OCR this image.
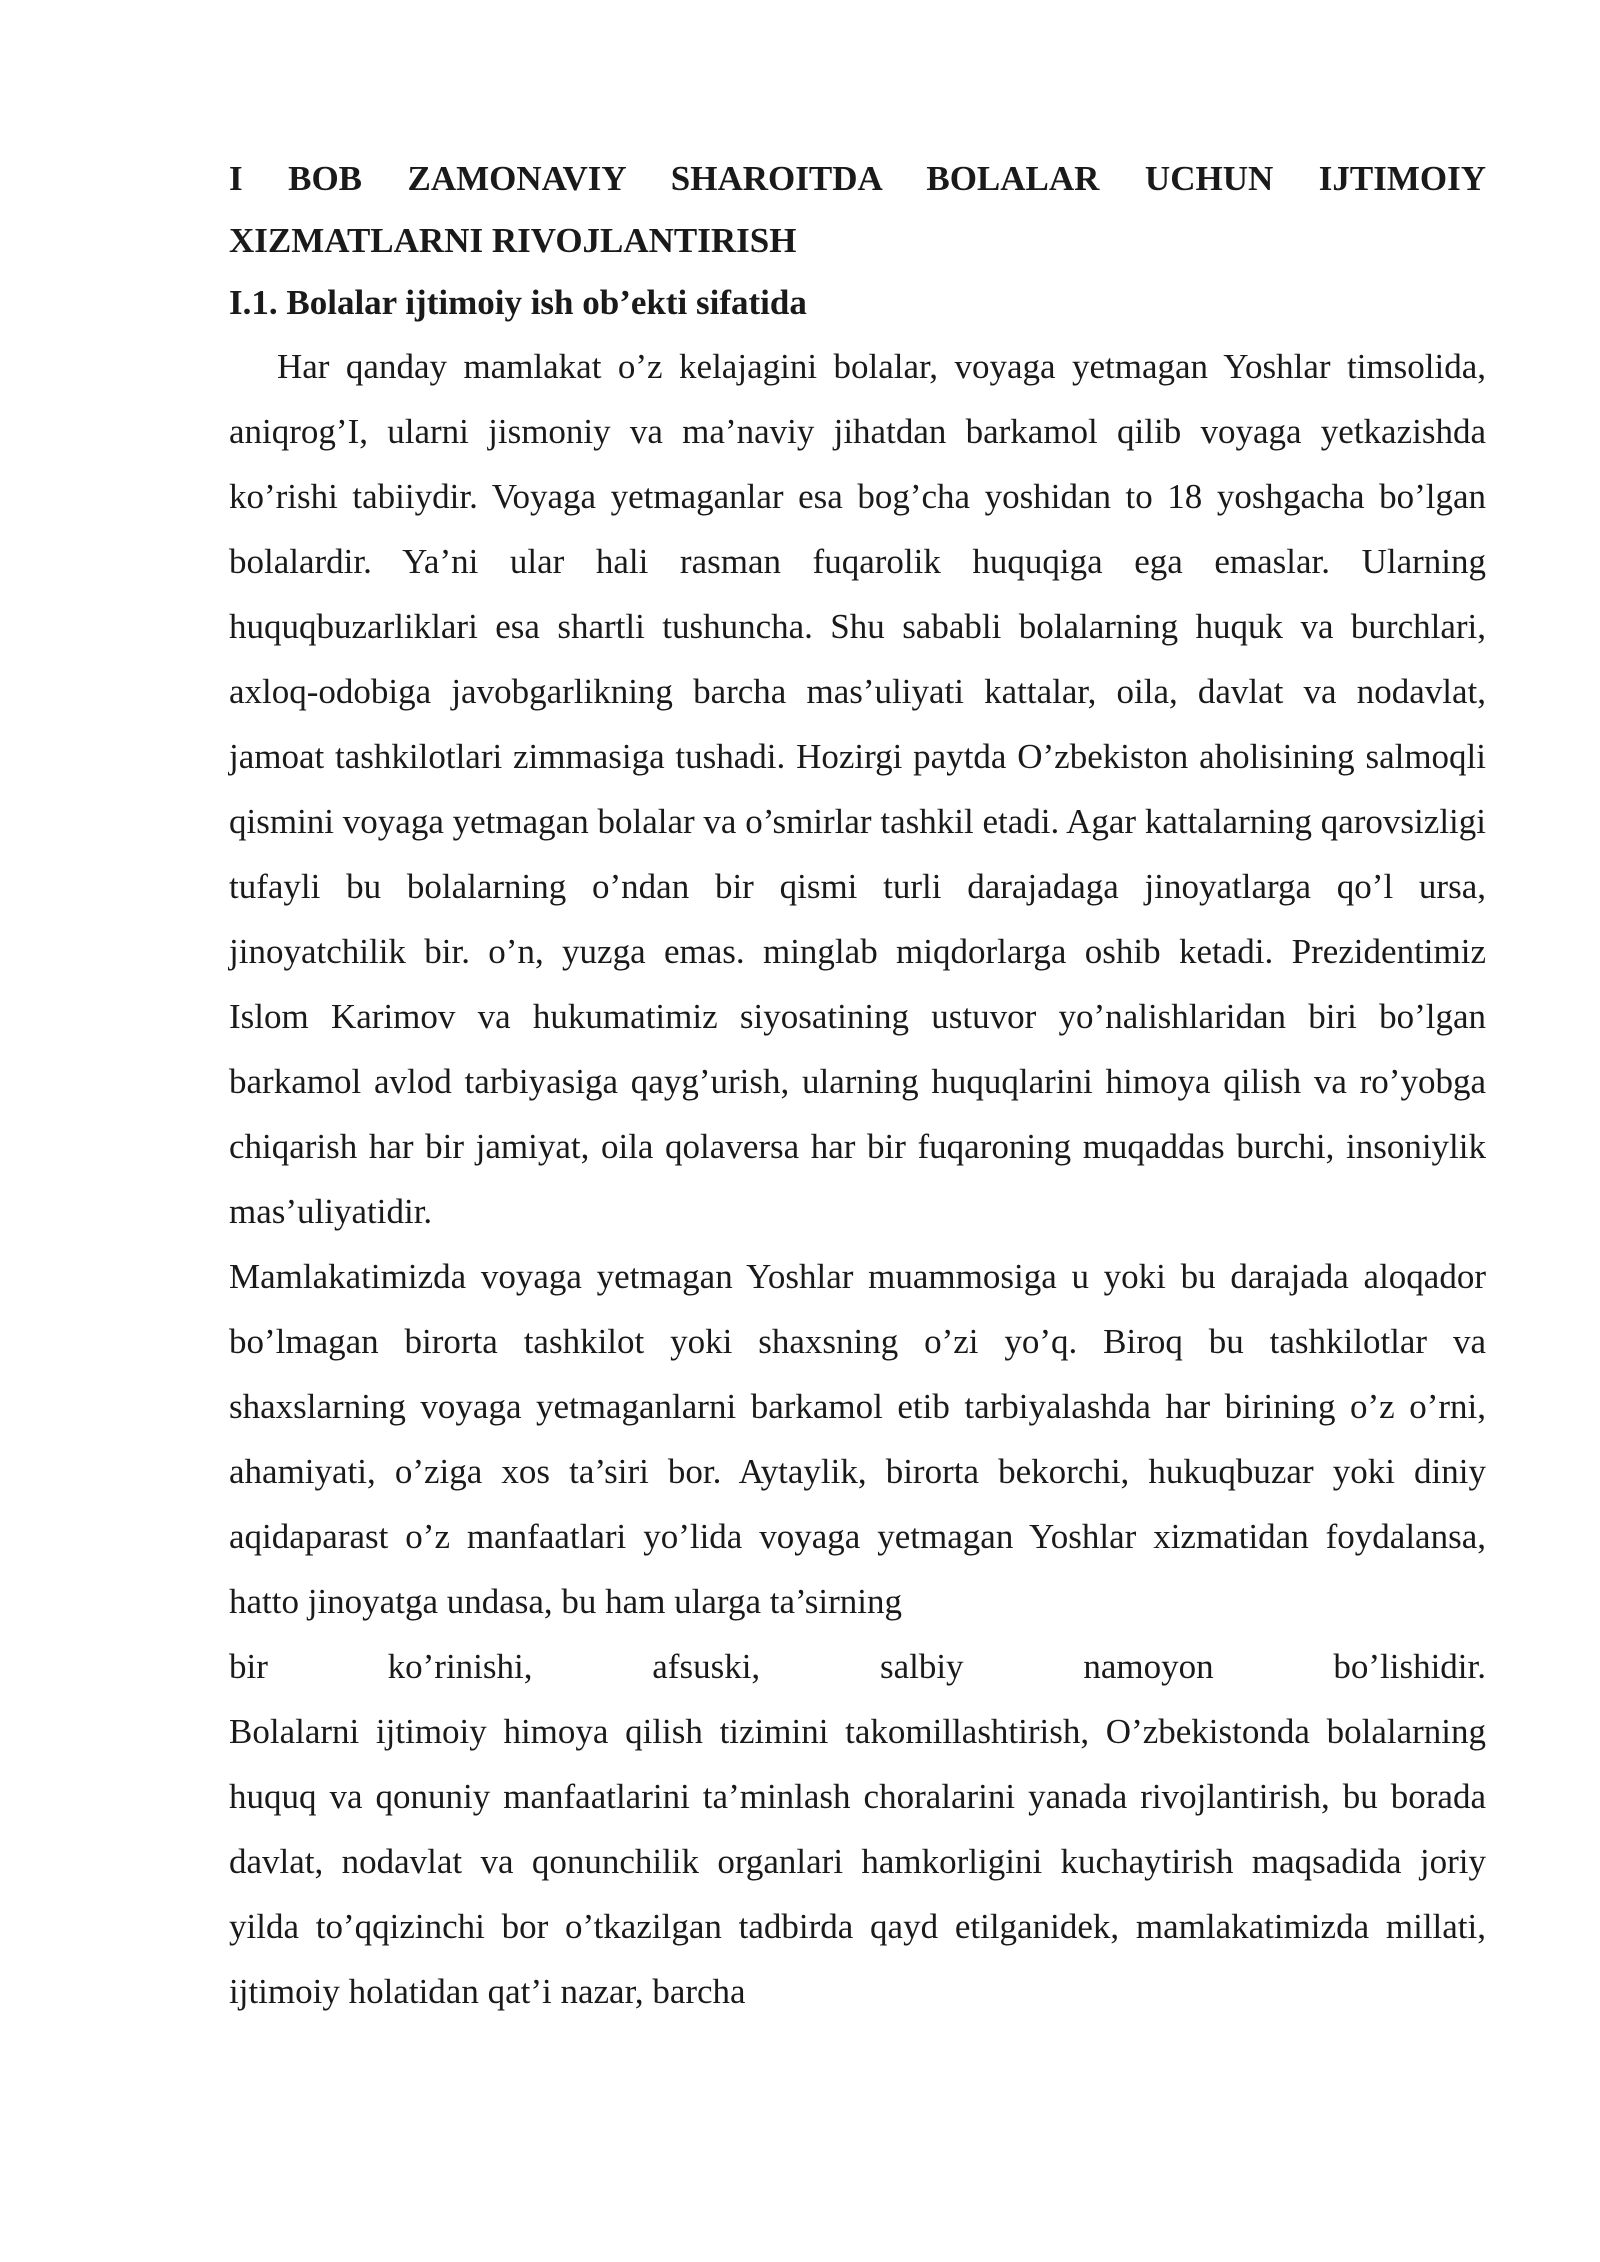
I BOB ZAMONAVIY SHAROITDA BOLALAR UCHUN IJTIMOIY
XIZMATLARNI RIVOJLANTIRISH
I.1. Bolalar ijtimoiy ish ob’ekti sifatida

Har qanday mamlakat o’z kelajagini bolalar, voyaga yetmagan Yoshlar timsolida, aniqrog’I, ularni jismoniy va ma’naviy jihatdan barkamol qilib voyaga yetkazishda ko’rishi tabiiydir. Voyaga yetmaganlar esa bog’cha yoshidan to 18 yoshgacha bo’lgan bolalardir. Ya’ni ular hali rasman fuqarolik huquqiga ega emaslar. Ularning huquqbuzarliklari esa shartli tushuncha. Shu sababli bolalarning huquk va burchlari, axloq-odobiga javobgarlikning barcha mas’uliyati kattalar, oila, davlat va nodavlat, jamoat tashkilotlari zimmasiga tushadi. Hozirgi paytda O’zbekiston aholisining salmoqli qismini voyaga yetmagan bolalar va o’smirlar tashkil etadi. Agar kattalarning qarovsizligi tufayli bu bolalarning o’ndan bir qismi turli darajadaga jinoyatlarga qo’l ursa, jinoyatchilik bir. o’n, yuzga emas. minglab miqdorlarga oshib ketadi. Prezidentimiz Islom Karimov va hukumatimiz siyosatining ustuvor yo’nalishlaridan biri bo’lgan barkamol avlod tarbiyasiga qayg’urish, ularning huquqlarini himoya qilish va ro’yobga chiqarish har bir jamiyat, oila qolaversa har bir fuqaroning muqaddas burchi, insoniylik mas’uliyatidir.

Mamlakatimizda voyaga yetmagan Yoshlar muammosiga u yoki bu darajada aloqador bo’lmagan birorta tashkilot yoki shaxsning o’zi yo’q. Biroq bu tashkilotlar va shaxslarning voyaga yetmaganlarni barkamol etib tarbiyalashda har birining o’z o’rni, ahamiyati, o’ziga xos ta’siri bor. Aytaylik, birorta bekorchi, hukuqbuzar yoki diniy aqidaparast o’z manfaatlari yo’lida voyaga yetmagan Yoshlar xizmatidan foydalansa, hatto jinoyatga undasa, bu ham ularga ta’sirning

bir ko’rinishi, afsuski, salbiy namoyon bo’lishidir.

Bolalarni ijtimoiy himoya qilish tizimini takomillashtirish, O’zbekistonda bolalarning huquq va qonuniy manfaatlarini ta’minlash choralarini yanada rivojlantirish, bu borada davlat, nodavlat va qonunchilik organlari hamkorligini kuchaytirish maqsadida joriy yilda to’qqizinchi bor o’tkazilgan tadbirda qayd etilganidek, mamlakatimizda millati, ijtimoiy holatidan qat’i nazar, barcha
